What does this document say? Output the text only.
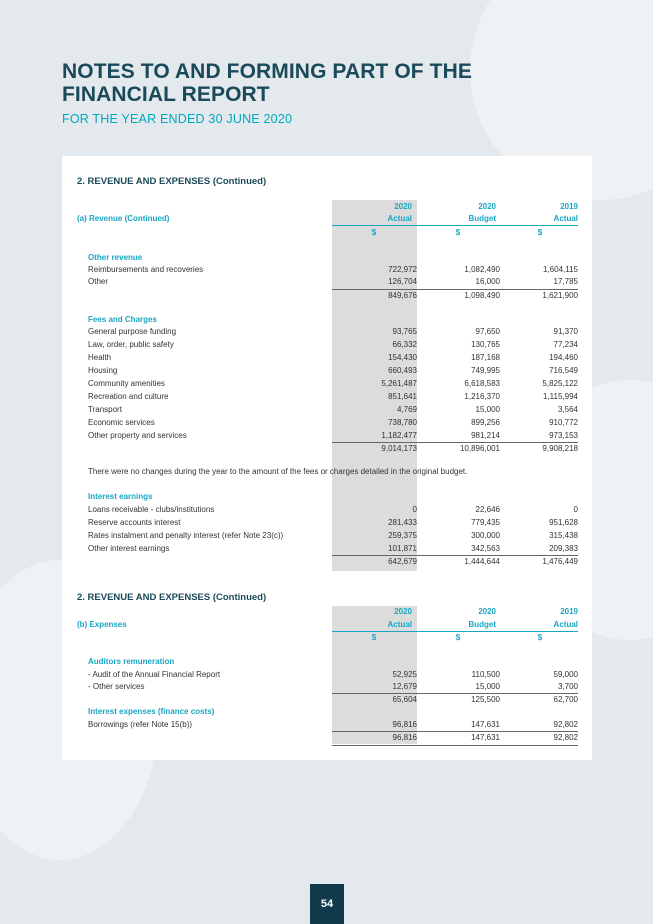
NOTES TO AND FORMING PART OF THE
FINANCIAL REPORT

FOR THE YEAR ENDED 30 JUNE 2020

2. REVENUE AND EXPENSES (Continued)
2020	2020	2019
(a) Revenue (Continued)	Actual	Budget	Actual
$	$	$
Other revenue
Reimbursements and recoveries	722,972	1,082,490	1,604,115
Other	126,704	16,000	17,785
849,676	1,098,490	1,621,900
Fees and Charges
General purpose funding	93,765	97,650	91,370
Law, order, public safety	66,332	130,765	77,234
Health	154,430	187,168	194,460
Housing	660,493	749,995	716,549
Community amenities	5,261,487	6,618,583	5,825,122
Recreation and culture	851,641	1,216,370	1,115,994
Transport	4,769	15,000	3,564
Economic services	738,780	899,256	910,772
Other property and services	1,182,477	981,214	973,153
9,014,173	10,896,001	9,908,218
There were no changes during the year to the amount of the fees or charges detailed in the original budget.
Interest earnings
Loans receivable - clubs/institutions	0	22,646	0
Reserve accounts interest	281,433	779,435	951,628
Rates instalment and penalty interest (refer Note 23(c))	259,375	300,000	315,438
Other interest earnings	101,871	342,563	209,383
642,679	1,444,644	1,476,449
2. REVENUE AND EXPENSES (Continued)
2020	2020	2019
(b) Expenses	Actual	Budget	Actual
$	$	$
Auditors remuneration
- Audit of the Annual Financial Report	52,925	110,500	59,000
- Other services	12,679	15,000	3,700
65,604	125,500	62,700
Interest expenses (finance costs)
Borrowings (refer Note 15(b))	96,816	147,631	92,802
96,816	147,631	92,802
54
